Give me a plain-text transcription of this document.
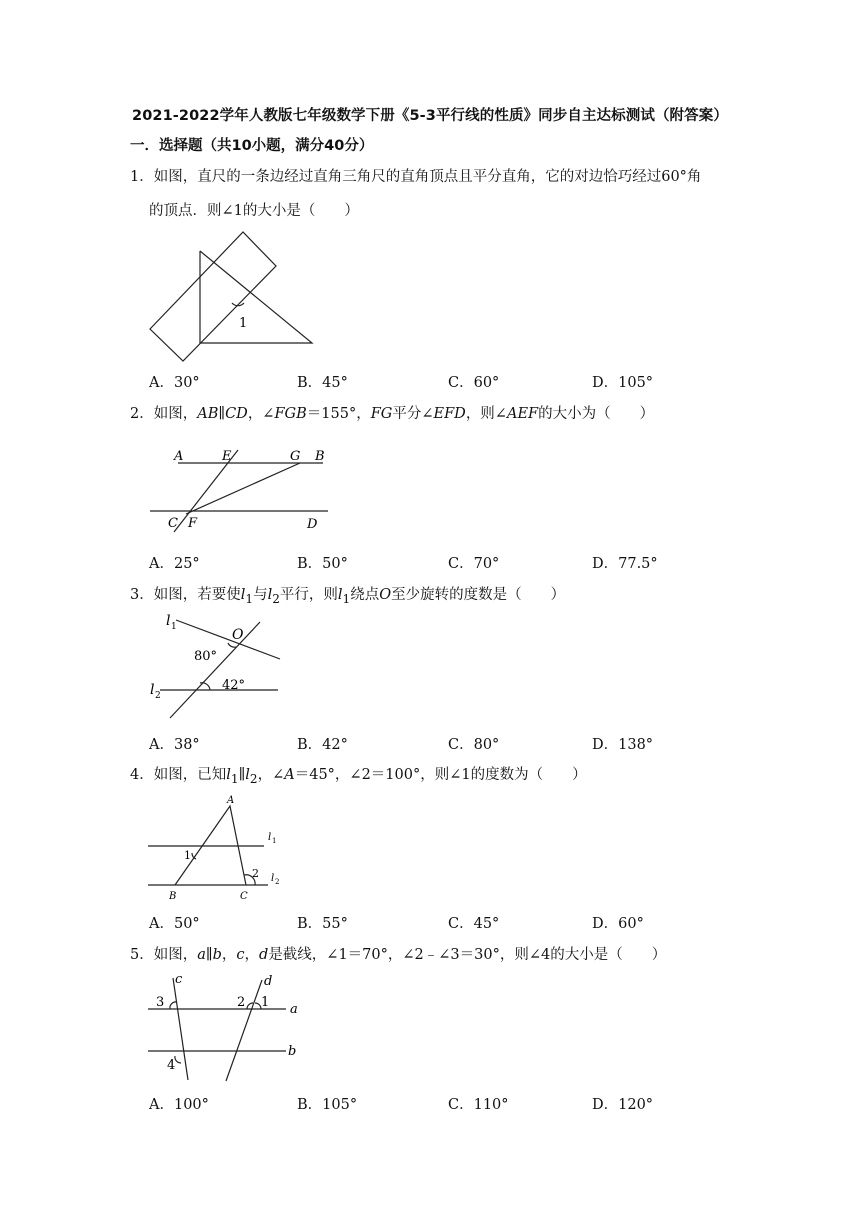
2021-2022学年人教版七年级数学下册《5-3平行线的性质》同步自主达标测试（附答案）
一．选择题（共10小题，满分40分）
1．如图，直尺的一条边经过直角三角尺的直角顶点且平分直角，它的对边恰巧经过60°角
的顶点．则∠1的大小是（　　）
1
A．30°	B．45°	C．60°	D．105°
2．如图，AB∥CD，∠FGB＝155°，FG平分∠EFD，则∠AEF的大小为（　　）
A	E	G B
C F	D
A．25°	B．50°	C．70°	D．77.5°
3．如图，若要使$l_1$与$l_2$平行，则$l_1$绕点O至少旋转的度数是（　　）
l 1	O
80°
l 2
42°
A．38°	B．42°	C．80°	D．138°
4．如图，已知$l_1\parallel l_2$，∠A＝45°，∠2＝100°，则∠1的度数为（　　）
A
l 1
1
2 l 2
B	C
A．50°	B．55°	C．45°	D．60°
5．如图，a∥b，c，d是截线，∠1＝70°，∠2﹣∠3＝30°，则∠4的大小是（　　）
c	d
3	2 1 a
b
4
A．100°	B．105°	C．110°	D．120°
